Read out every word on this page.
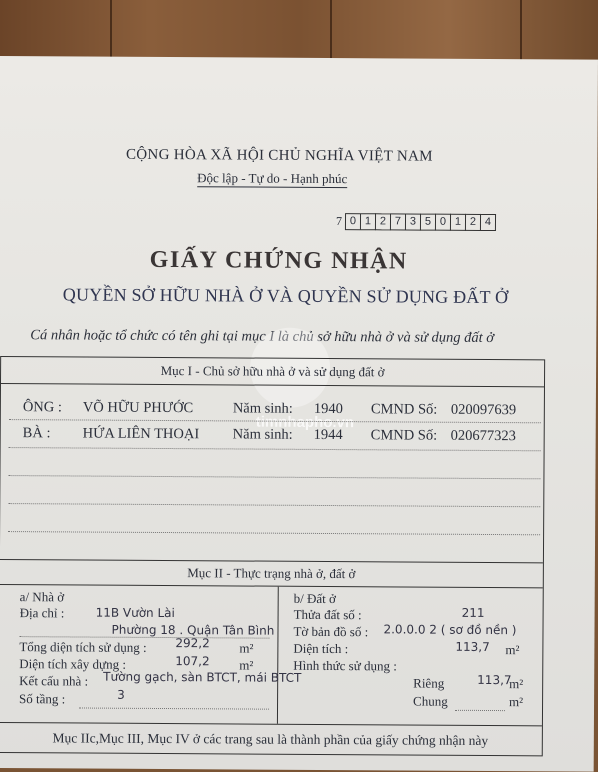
CỘNG HÒA XÃ HỘI CHỦ NGHĨA VIỆT NAM
Độc lập - Tự do - Hạnh phúc
7 0 1 2 7 3 5 0 1 2 4
GIẤY CHỨNG NHẬN
QUYỀN SỞ HỮU NHÀ Ở VÀ QUYỀN SỬ DỤNG ĐẤT Ở
Cá nhân hoặc tổ chức có tên ghi tại mục I là chủ sở hữu nhà ở và sử dụng đất ở
timnhapho.vn
Mục I - Chủ sở hữu nhà ở và sử dụng đất ở
ÔNG : VÕ HỮU PHƯỚC	Năm sinh: 1940 CMND Số: 020097639
BÀ : HỨA LIÊN THOẠI Năm sinh: 1944 CMND Số: 020677323
Mục II - Thực trạng nhà ở, đất ở
a/ Nhà ở
Địa chỉ :	11B Vườn Lài
Phường 18 . Quận Tân Bình
Tổng diện tích sử dụng : 292,2 m²
Diện tích xây dựng :	107,2 m²
Kết cấu nhà : Tường gạch, sàn BTCT, mái BTCT
Số tầng :	3
b/ Đất ở
Thửa đất số :	211
Tờ bản đồ số : 2.0.0.0 2 ( sơ đồ nền )
Diện tích :	113,7 m²
Hình thức sử dụng :
Riêng	113,7
m²
Chung	m²
Mục IIc,Mục III, Mục IV ở các trang sau là thành phần của giấy chứng nhận này
